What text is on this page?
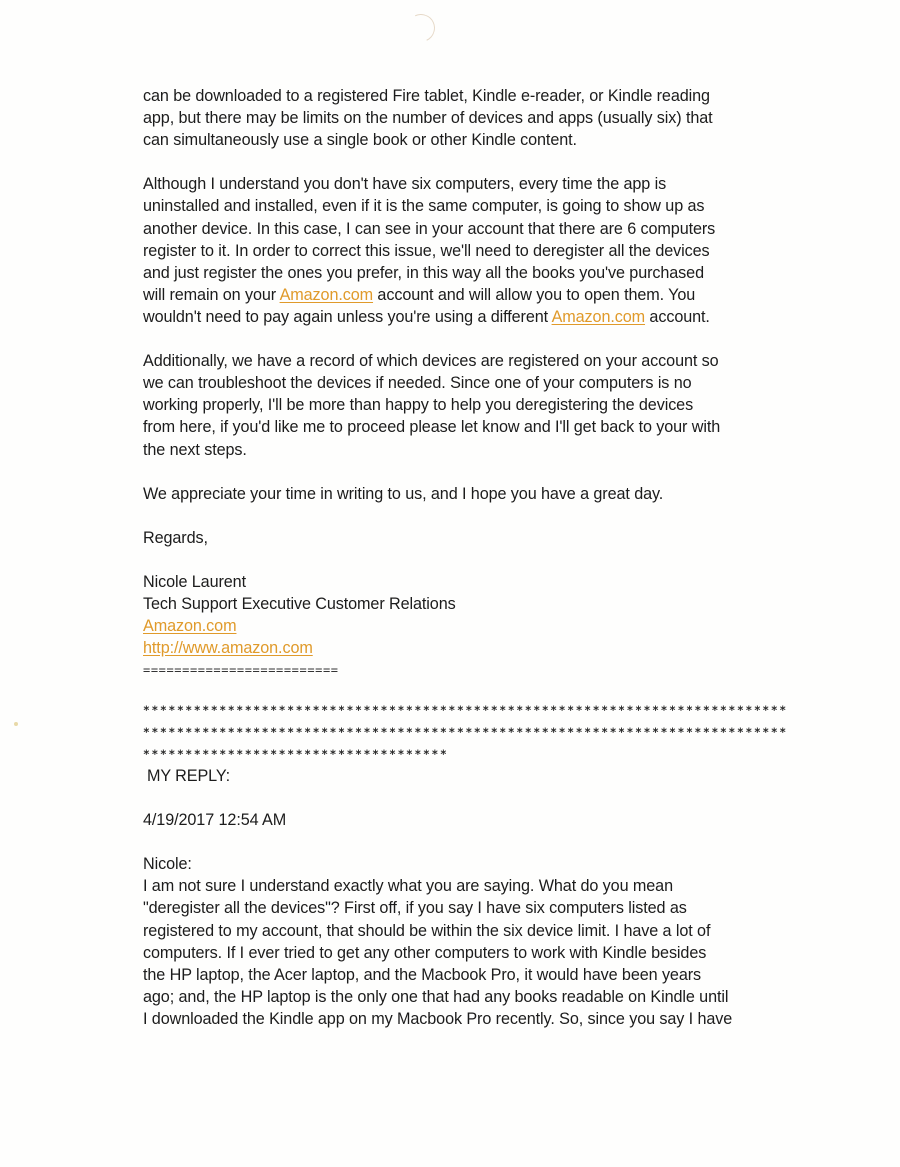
can be downloaded to a registered Fire tablet, Kindle e-reader, or Kindle reading
app, but there may be limits on the number of devices and apps (usually six) that
can simultaneously use a single book or other Kindle content.

Although I understand you don't have six computers, every time the app is
uninstalled and installed, even if it is the same computer, is going to show up as
another device. In this case, I can see in your account that there are 6 computers
register to it. In order to correct this issue, we'll need to deregister all the devices
and just register the ones you prefer, in this way all the books you've purchased
will remain on your Amazon.com account and will allow you to open them. You
wouldn't need to pay again unless you're using a different Amazon.com account.

Additionally, we have a record of which devices are registered on your account so
we can troubleshoot the devices if needed. Since one of your computers is no
working properly, I'll be more than happy to help you deregistering the devices
from here, if you'd like me to proceed please let know and I'll get back to your with
the next steps.

We appreciate your time in writing to us, and I hope you have a great day.

Regards,

Nicole Laurent
Tech Support Executive Customer Relations
Amazon.com
http://www.amazon.com
=========================
****************************************************************************
****************************************************************************
************************************

MY REPLY:

4/19/2017 12:54 AM

Nicole:
I am not sure I understand exactly what you are saying. What do you mean
"deregister all the devices"? First off, if you say I have six computers listed as
registered to my account, that should be within the six device limit. I have a lot of
computers. If I ever tried to get any other computers to work with Kindle besides
the HP laptop, the Acer laptop, and the Macbook Pro, it would have been years
ago; and, the HP laptop is the only one that had any books readable on Kindle until
I downloaded the Kindle app on my Macbook Pro recently. So, since you say I have
